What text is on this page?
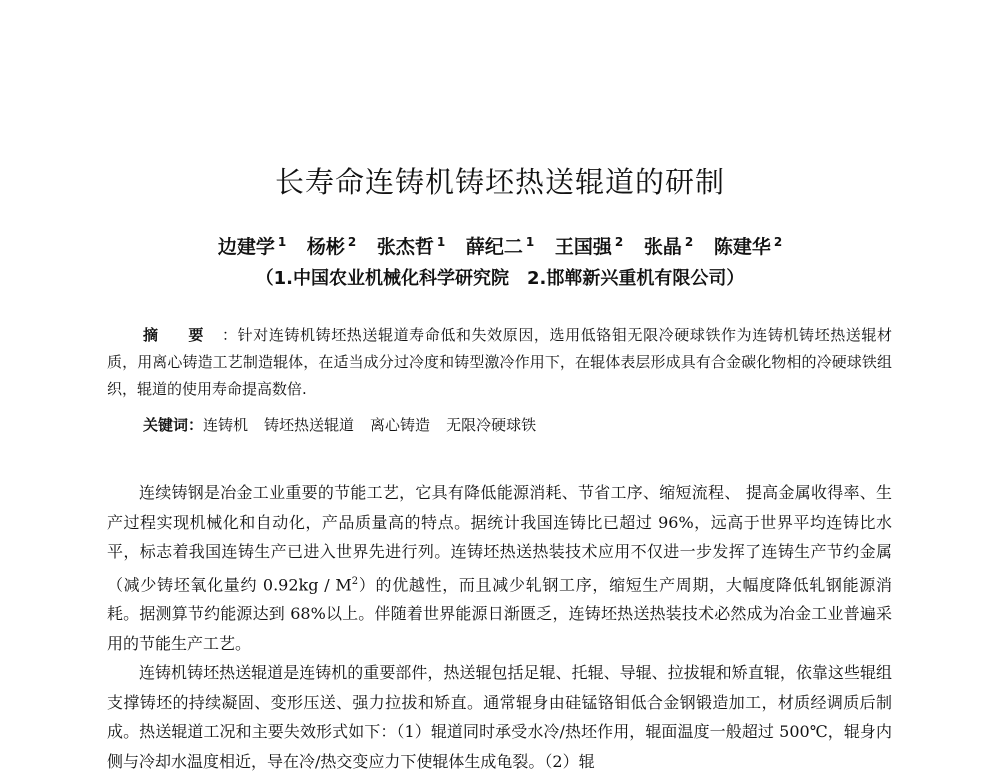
长寿命连铸机铸坯热送辊道的研制
边建学 $^1$ 杨彬 $^2$ 张杰哲 $^1$ 薛纪二 $^1$ 王国强 $^2$ 张晶 $^2$ 陈建华 $^2$
（1.中国农业机械化科学研究院　2.邯郸新兴重机有限公司）
摘 要 ：针对连铸机铸坯热送辊道寿命低和失效原因，选用低铬钼无限冷硬球铁作为连铸机铸坯热送辊材质，用离心铸造工艺制造辊体，在适当成分过冷度和铸型激冷作用下，在辊体表层形成具有合金碳化物相的冷硬球铁组织，辊道的使用寿命提高数倍.
关键词：连铸机 铸坯热送辊道 离心铸造 无限冷硬球铁

连续铸钢是冶金工业重要的节能工艺，它具有降低能源消耗、节省工序、缩短流程、 提高金属收得率、生产过程实现机械化和自动化，产品质量高的特点。据统计我国连铸比已超过 96%，远高于世界平均连铸比水平，标志着我国连铸生产已进入世界先进行列。连铸坯热送热装技术应用不仅进一步发挥了连铸生产节约金属（减少铸坯氧化量约 $0.92kg / M^2$）的优越性，而且减少轧钢工序，缩短生产周期，大幅度降低轧钢能源消耗。据测算节约能源达到 68%以上。伴随着世界能源日渐匮乏，连铸坯热送热装技术必然成为冶金工业普遍采用的节能生产工艺。

连铸机铸坯热送辊道是连铸机的重要部件，热送辊包括足辊、托辊、导辊、拉拔辊和矫直辊，依靠这些辊组支撑铸坯的持续凝固、变形压送、强力拉拔和矫直。通常辊身由硅锰铬钼低合金钢锻造加工，材质经调质后制成。热送辊道工况和主要失效形式如下：（1）辊道同时承受水冷/热坯作用，辊面温度一般超过 500℃，辊身内侧与冷却水温度相近，导在冷/热交变应力下使辊体生成龟裂。（2）辊
